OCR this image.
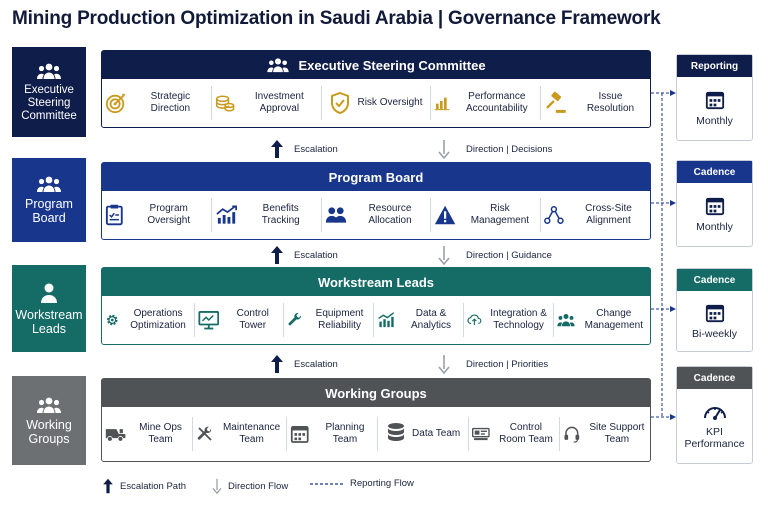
Mining Production Optimization in Saudi Arabia | Governance Framework
Executive Steering Committee
Program Board
Workstream Leads
Working Groups
Executive Steering Committee
Strategic Direction
Investment Approval
Risk Oversight
Performance Accountability
Issue Resolution
Escalation	Direction | Decisions
Program Board
Program Oversight
Benefits Tracking
Resource Allocation
Risk Management
Cross-Site Alignment
Escalation	Direction | Guidance
Workstream Leads
Operations Optimization
Control Tower
Equipment Reliability
Data & Analytics
Integration & Technology
Change Management
Escalation	Direction | Priorities
Working Groups
Mine Ops Team
Maintenance Team
Planning Team
Data Team
Control Room Team
Site Support Team
Reporting
Monthly
Cadence
Monthly
Cadence
Bi-weekly
Cadence
KPI Performance
Escalation Path	Direction Flow	Reporting Flow
